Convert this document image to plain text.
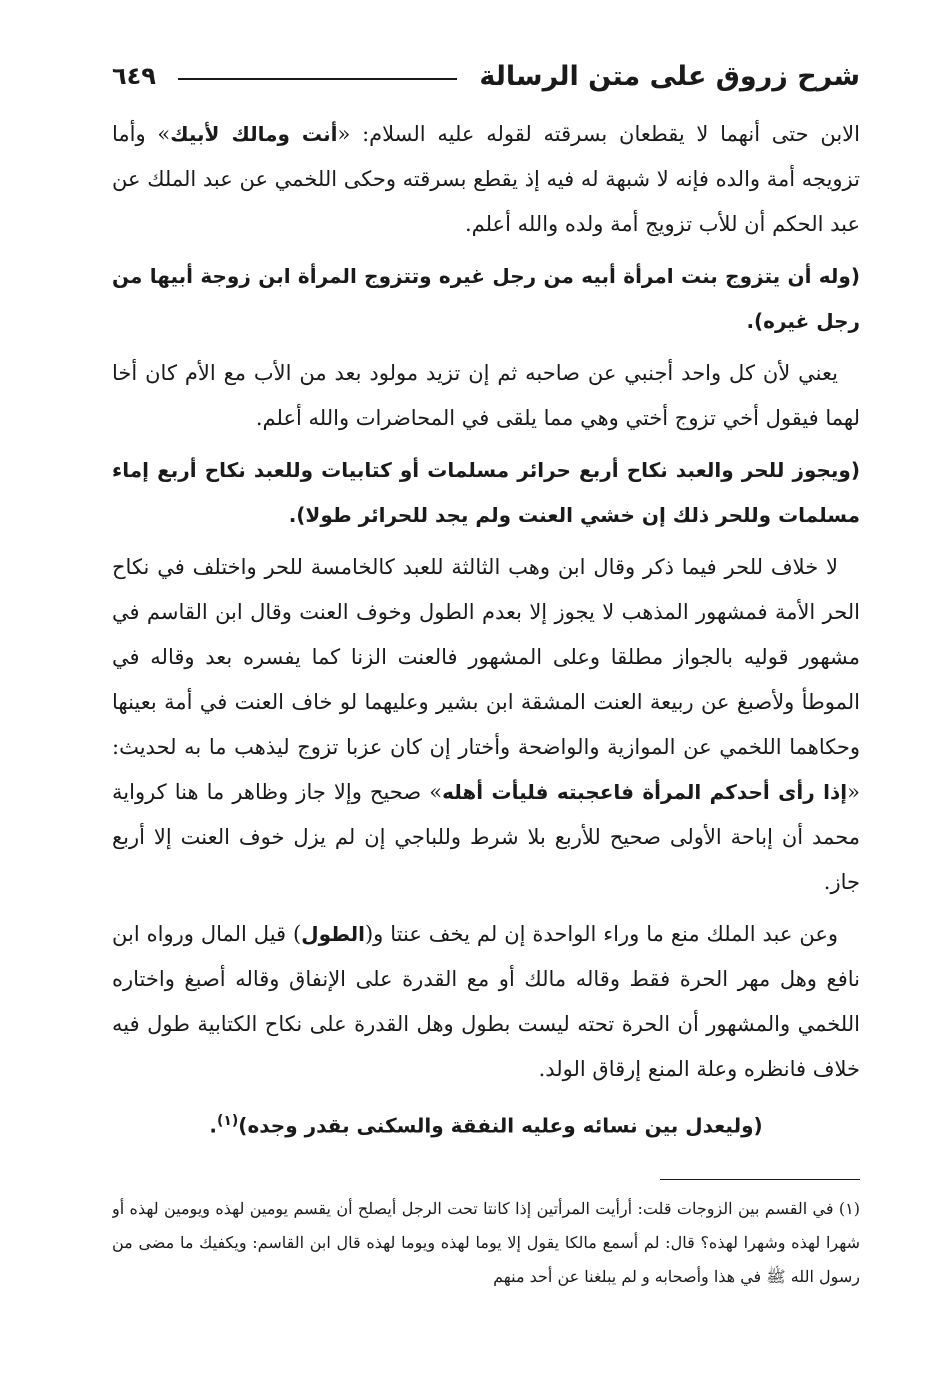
شرح زروق على متن الرسالة
٦٤٩

الابن حتى أنهما لا يقطعان بسرقته لقوله عليه السلام: «أنت ومالك لأبيك» وأما تزويجه أمة والده فإنه لا شبهة له فيه إذ يقطع بسرقته وحكى اللخمي عن عبد الملك عن عبد الحكم أن للأب تزويج أمة ولده والله أعلم.

(وله أن يتزوج بنت امرأة أبيه من رجل غيره وتتزوج المرأة ابن زوجة أبيها من رجل غيره).

يعني لأن كل واحد أجنبي عن صاحبه ثم إن تزيد مولود بعد من الأب مع الأم كان أخا لهما فيقول أخي تزوج أختي وهي مما يلقى في المحاضرات والله أعلم.

(ويجوز للحر والعبد نكاح أربع حرائر مسلمات أو كتابيات وللعبد نكاح أربع إماء مسلمات وللحر ذلك إن خشي العنت ولم يجد للحرائر طولا).

لا خلاف للحر فيما ذكر وقال ابن وهب الثالثة للعبد كالخامسة للحر واختلف في نكاح الحر الأمة فمشهور المذهب لا يجوز إلا بعدم الطول وخوف العنت وقال ابن القاسم في مشهور قوليه بالجواز مطلقا وعلى المشهور فالعنت الزنا كما يفسره بعد وقاله في الموطأ ولأصبغ عن ربيعة العنت المشقة ابن بشير وعليهما لو خاف العنت في أمة بعينها وحكاهما اللخمي عن الموازية والواضحة وأختار إن كان عزبا تزوج ليذهب ما به لحديث: «إذا رأى أحدكم المرأة فاعجبته فليأت أهله» صحيح وإلا جاز وظاهر ما هنا كرواية محمد أن إباحة الأولى صحيح للأربع بلا شرط وللباجي إن لم يزل خوف العنت إلا أربع جاز.

وعن عبد الملك منع ما وراء الواحدة إن لم يخف عنتا و(الطول) قيل المال ورواه ابن نافع وهل مهر الحرة فقط وقاله مالك أو مع القدرة على الإنفاق وقاله أصبغ واختاره اللخمي والمشهور أن الحرة تحته ليست بطول وهل القدرة على نكاح الكتابية طول فيه خلاف فانظره وعلة المنع إرقاق الولد.

(وليعدل بين نسائه وعليه النفقة والسكنى بقدر وجده)$^{(١)}$.

(١) في القسم بين الزوجات قلت: أرأيت المرأتين إذا كانتا تحت الرجل أيصلح أن يقسم يومين لهذه ويومين لهذه أو شهرا لهذه وشهرا لهذه؟ قال: لم أسمع مالكا يقول إلا يوما لهذه ويوما لهذه قال ابن القاسم: ويكفيك ما مضى من رسول الله ﷺ في هذا وأصحابه و لم يبلغنا عن أحد منهم
